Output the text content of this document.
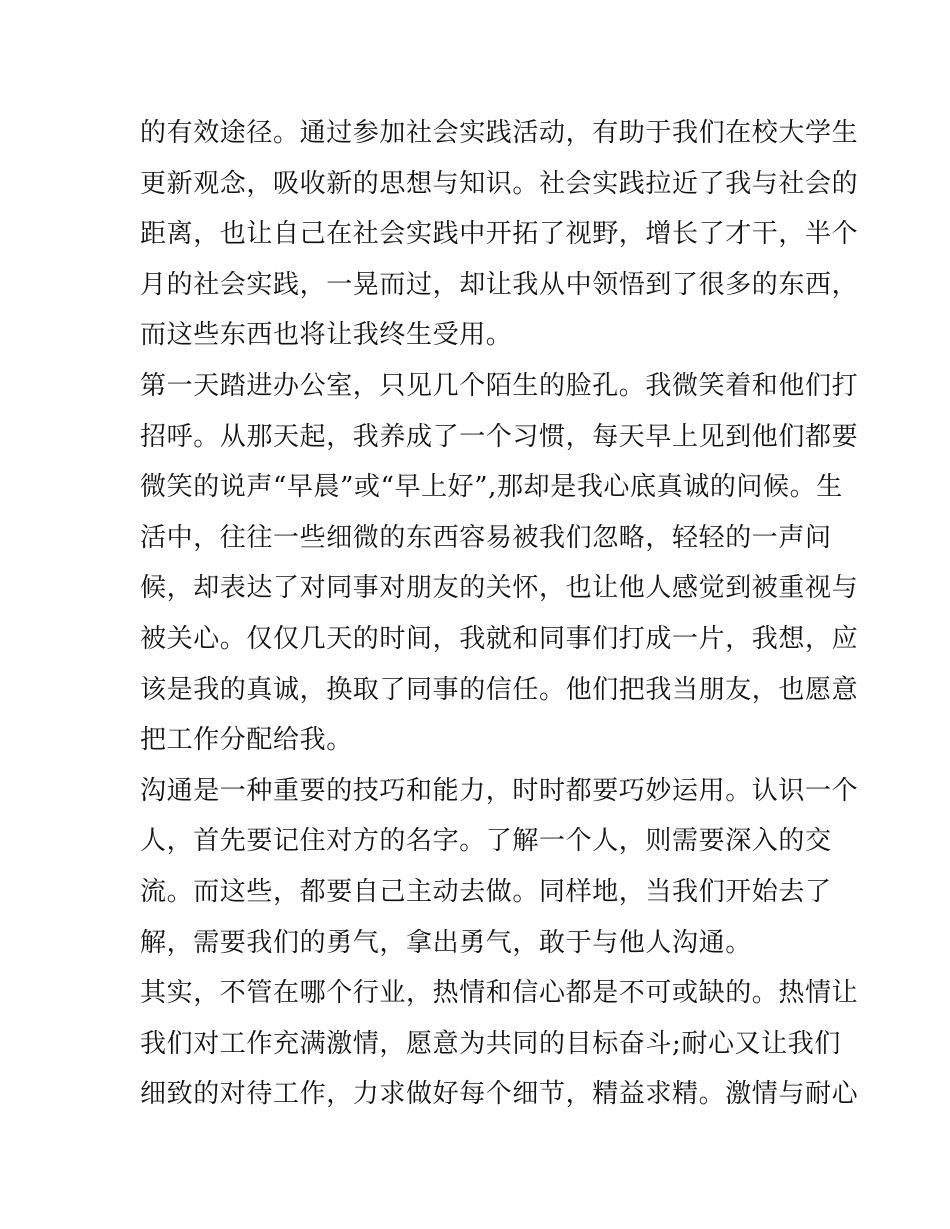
的有效途径。通过参加社会实践活动，有助于我们在校大学生
更新观念，吸收新的思想与知识。社会实践拉近了我与社会的
距离，也让自己在社会实践中开拓了视野，增长了才干，半个
月的社会实践，一晃而过，却让我从中领悟到了很多的东西，
而这些东西也将让我终生受用。
第一天踏进办公室，只见几个陌生的脸孔。我微笑着和他们打
招呼。从那天起，我养成了一个习惯，每天早上见到他们都要
微笑的说声“早晨”或“早上好”,那却是我心底真诚的问候。生
活中，往往一些细微的东西容易被我们忽略，轻轻的一声问
候，却表达了对同事对朋友的关怀，也让他人感觉到被重视与
被关心。仅仅几天的时间，我就和同事们打成一片，我想，应
该是我的真诚，换取了同事的信任。他们把我当朋友，也愿意
把工作分配给我。
沟通是一种重要的技巧和能力，时时都要巧妙运用。认识一个
人，首先要记住对方的名字。了解一个人，则需要深入的交
流。而这些，都要自己主动去做。同样地，当我们开始去了
解，需要我们的勇气，拿出勇气，敢于与他人沟通。
其实，不管在哪个行业，热情和信心都是不可或缺的。热情让
我们对工作充满激情，愿意为共同的目标奋斗;耐心又让我们
细致的对待工作，力求做好每个细节，精益求精。激情与耐心
